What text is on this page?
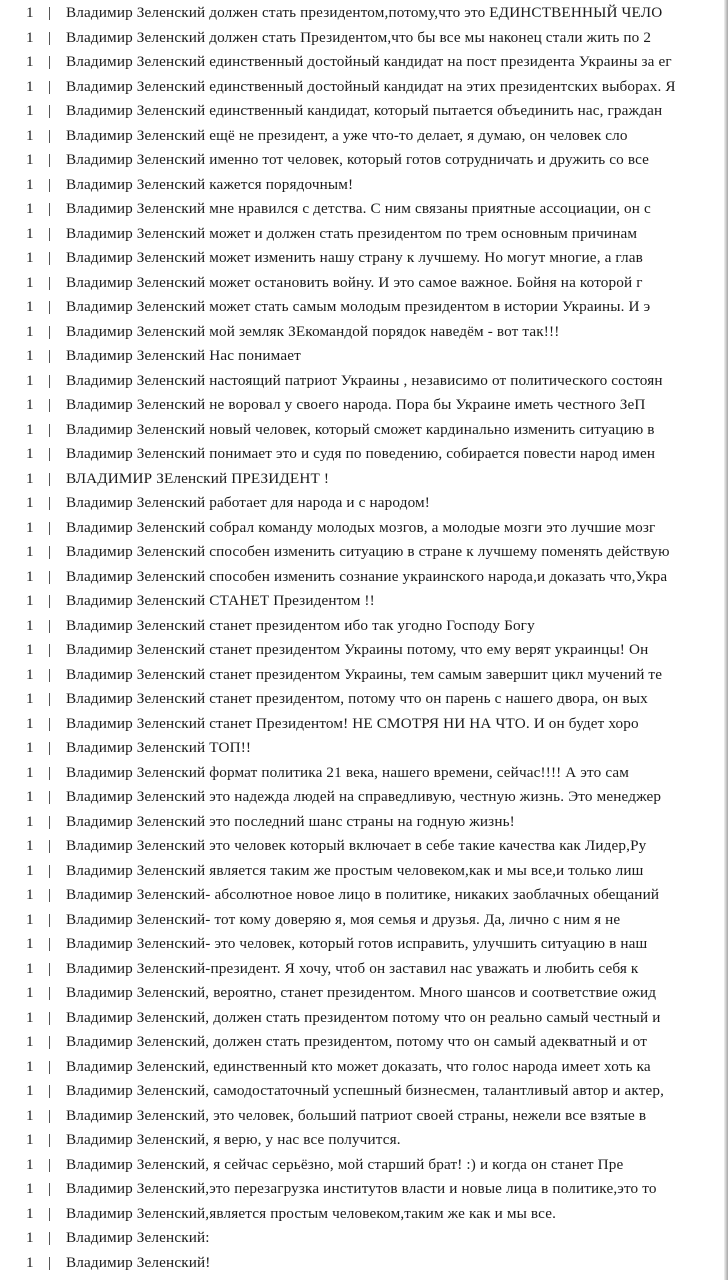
1 | Владимир Зеленский должен стать президентом,потому,что это ЕДИНСТВЕННЫЙ ЧЕЛО
1 | Владимир Зеленский должен стать Президентом,что бы все мы наконец стали жить по 2
1 | Владимир Зеленский единственный достойный кандидат на пост президента Украины за ег
1 | Владимир Зеленский единственный достойный кандидат на этих президентских выборах. Я
1 | Владимир Зеленский единственный кандидат, который пытается объединить нас, граждан
1 | Владимир Зеленский ещё не президент, а уже что-то делает, я думаю, он человек сло
1 | Владимир Зеленский именно тот человек, который готов сотрудничать и дружить со все
1 | Владимир Зеленский кажется порядочным!
1 | Владимир Зеленский мне нравился с детства. С ним связаны приятные ассоциации, он с
1 | Владимир Зеленский может и должен стать президентом по трем основным причинам
1 | Владимир Зеленский может изменить нашу страну к лучшему. Но могут многие, а глав
1 | Владимир Зеленский может остановить войну. И это самое важное. Бойня на которой г
1 | Владимир Зеленский может стать самым молодым президентом в истории Украины. И э
1 | Владимир Зеленский мой земляк ЗЕкомандой порядок наведём - вот так!!!
1 | Владимир Зеленский Нас понимает
1 | Владимир Зеленский настоящий патриот Украины , независимо от политического состоян
1 | Владимир Зеленский не воровал у своего народа. Пора бы Украине иметь честного ЗеП
1 | Владимир Зеленский новый человек, который сможет кардинально изменить ситуацию в
1 | Владимир Зеленский понимает это и судя по поведению, собирается повести народ имен
1 | ВЛАДИМИР ЗЕленский ПРЕЗИДЕНТ !
1 | Владимир Зеленский работает для народа и с народом!
1 | Владимир Зеленский собрал команду молодых мозгов, а молодые мозги это лучшие мозг
1 | Владимир Зеленский способен изменить ситуацию в стране к лучшему поменять действую
1 | Владимир Зеленский способен изменить сознание украинского народа,и доказать что,Укра
1 | Владимир Зеленский СТАНЕТ Президентом !!
1 | Владимир Зеленский станет президентом ибо так угодно Господу Богу
1 | Владимир Зеленский станет президентом Украины потому, что ему верят украинцы! Он
1 | Владимир Зеленский станет президентом Украины, тем самым завершит цикл мучений те
1 | Владимир Зеленский станет президентом, потому что он парень с нашего двора, он вых
1 | Владимир Зеленский станет Президентом! НЕ СМОТРЯ НИ НА ЧТО. И он будет хоро
1 | Владимир Зеленский ТОП!!
1 | Владимир Зеленский формат политика 21 века, нашего времени, сейчас!!!! А это сам
1 | Владимир Зеленский это надежда людей на справедливую, честную жизнь. Это менеджер
1 | Владимир Зеленский это последний шанс страны на годную жизнь!
1 | Владимир Зеленский это человек который включает в себе такие качества как Лидер,Ру
1 | Владимир Зеленский является таким же простым человеком,как и мы все,и только лиш
1 | Владимир Зеленский- абсолютное новое лицо в политике, никаких заоблачных обещаний
1 | Владимир Зеленский- тот кому доверяю я, моя семья и друзья. Да, лично с ним я не
1 | Владимир Зеленский- это человек, который готов исправить, улучшить ситуацию в наш
1 | Владимир Зеленский-президент. Я хочу, чтоб он заставил нас уважать и любить себя к
1 | Владимир Зеленский, вероятно, станет президентом. Много шансов и соответствие ожид
1 | Владимир Зеленский, должен стать президентом потому что он реально самый честный и
1 | Владимир Зеленский, должен стать президентом, потому что он самый адекватный и от
1 | Владимир Зеленский, единственный кто может доказать, что голос народа имеет хоть ка
1 | Владимир Зеленский, самодостаточный успешный бизнесмен, талантливый автор и актер,
1 | Владимир Зеленский, это человек, больший патриот своей страны, нежели все взятые в
1 | Владимир Зеленский, я верю, у нас все получится.
1 | Владимир Зеленский, я сейчас серьёзно, мой старший брат! :) и когда он станет Пре
1 | Владимир Зеленский,это перезагрузка институтов власти и новые лица в политике,это то
1 | Владимир Зеленский,является простым человеком,таким же как и мы все.
1 | Владимир Зеленский:
1 | Владимир Зеленский!
